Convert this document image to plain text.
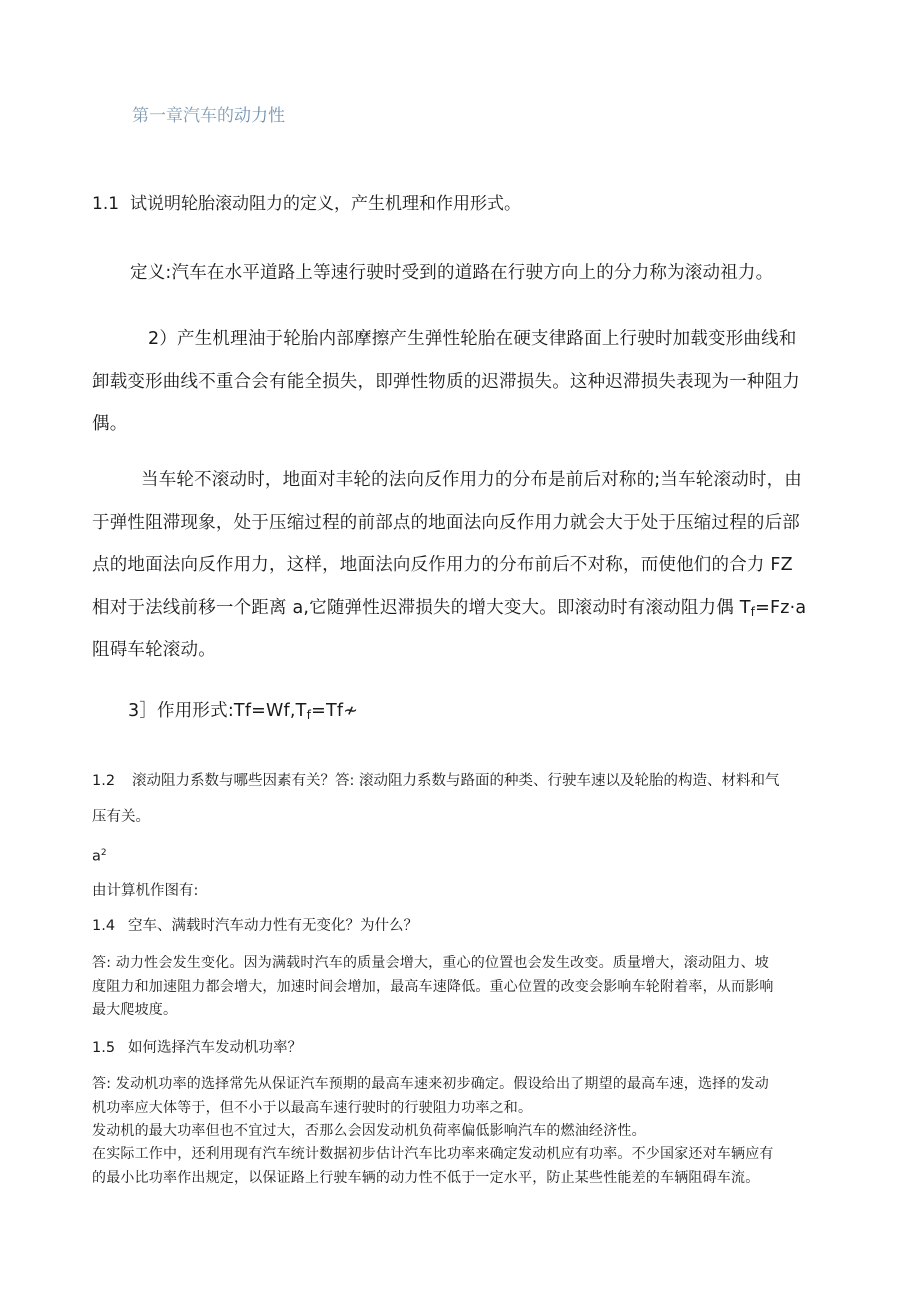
第一章汽车的动力性
1.1 试说明轮胎滚动阻力的定义，产生机理和作用形式。
定义:汽车在水平道路上等速行驶时受到的道路在行驶方向上的分力称为滚动祖力。
2）产生机理油于轮胎内部摩擦产生弹性轮胎在硬支律路面上行驶时加载变形曲线和
卸载变形曲线不重合会有能全损失，即弹性物质的迟滞损失。这种迟滞损失表现为一种阻力
偶。
当车轮不滚动时，地面对丰轮的法向反作用力的分布是前后对称的;当车轮滚动时，由
于弹性阻滞现象，处于压缩过程的前部点的地面法向反作用力就会大于处于压缩过程的后部
点的地面法向反作用力，这样，地面法向反作用力的分布前后不对称，而使他们的合力 FZ
相对于法线前移一个距离 a,它随弹性迟滞损失的增大变大。即滚动时有滚动阻力偶 $T_f=Fz\cdot a$
阻碍车轮滚动。
3］作用形式$:Tf=Wf,T_f=Tf≁$
1.2 滚动阻力系数与哪些因素有关？答: 滚动阻力系数与路面的种类、行驶车速以及轮胎的构造、材料和气
压有关。
$a^2$
由计算机作图有:
1.4 空车、满载时汽车动力性有无变化？为什么？
答: 动力性会发生变化。因为满载时汽车的质量会增大，重心的位置也会发生改变。质量增大，滚动阻力、坡
度阻力和加速阻力都会增大，加速时间会增加，最高车速降低。重心位置的改变会影响车轮附着率，从而影响
最大爬坡度。
1.5 如何选择汽车发动机功率？
答: 发动机功率的选择常先从保证汽车预期的最高车速来初步确定。假设给出了期望的最高车速，选择的发动
机功率应大体等于，但不小于以最高车速行驶时的行驶阻力功率之和。
发动机的最大功率但也不宜过大，否那么会因发动机负荷率偏低影响汽车的燃油经济性。
在实际工作中，还利用现有汽车统计数据初步估计汽车比功率来确定发动机应有功率。不少国家还对车辆应有
的最小比功率作出规定，以保证路上行驶车辆的动力性不低于一定水平，防止某些性能差的车辆阻碍车流。
